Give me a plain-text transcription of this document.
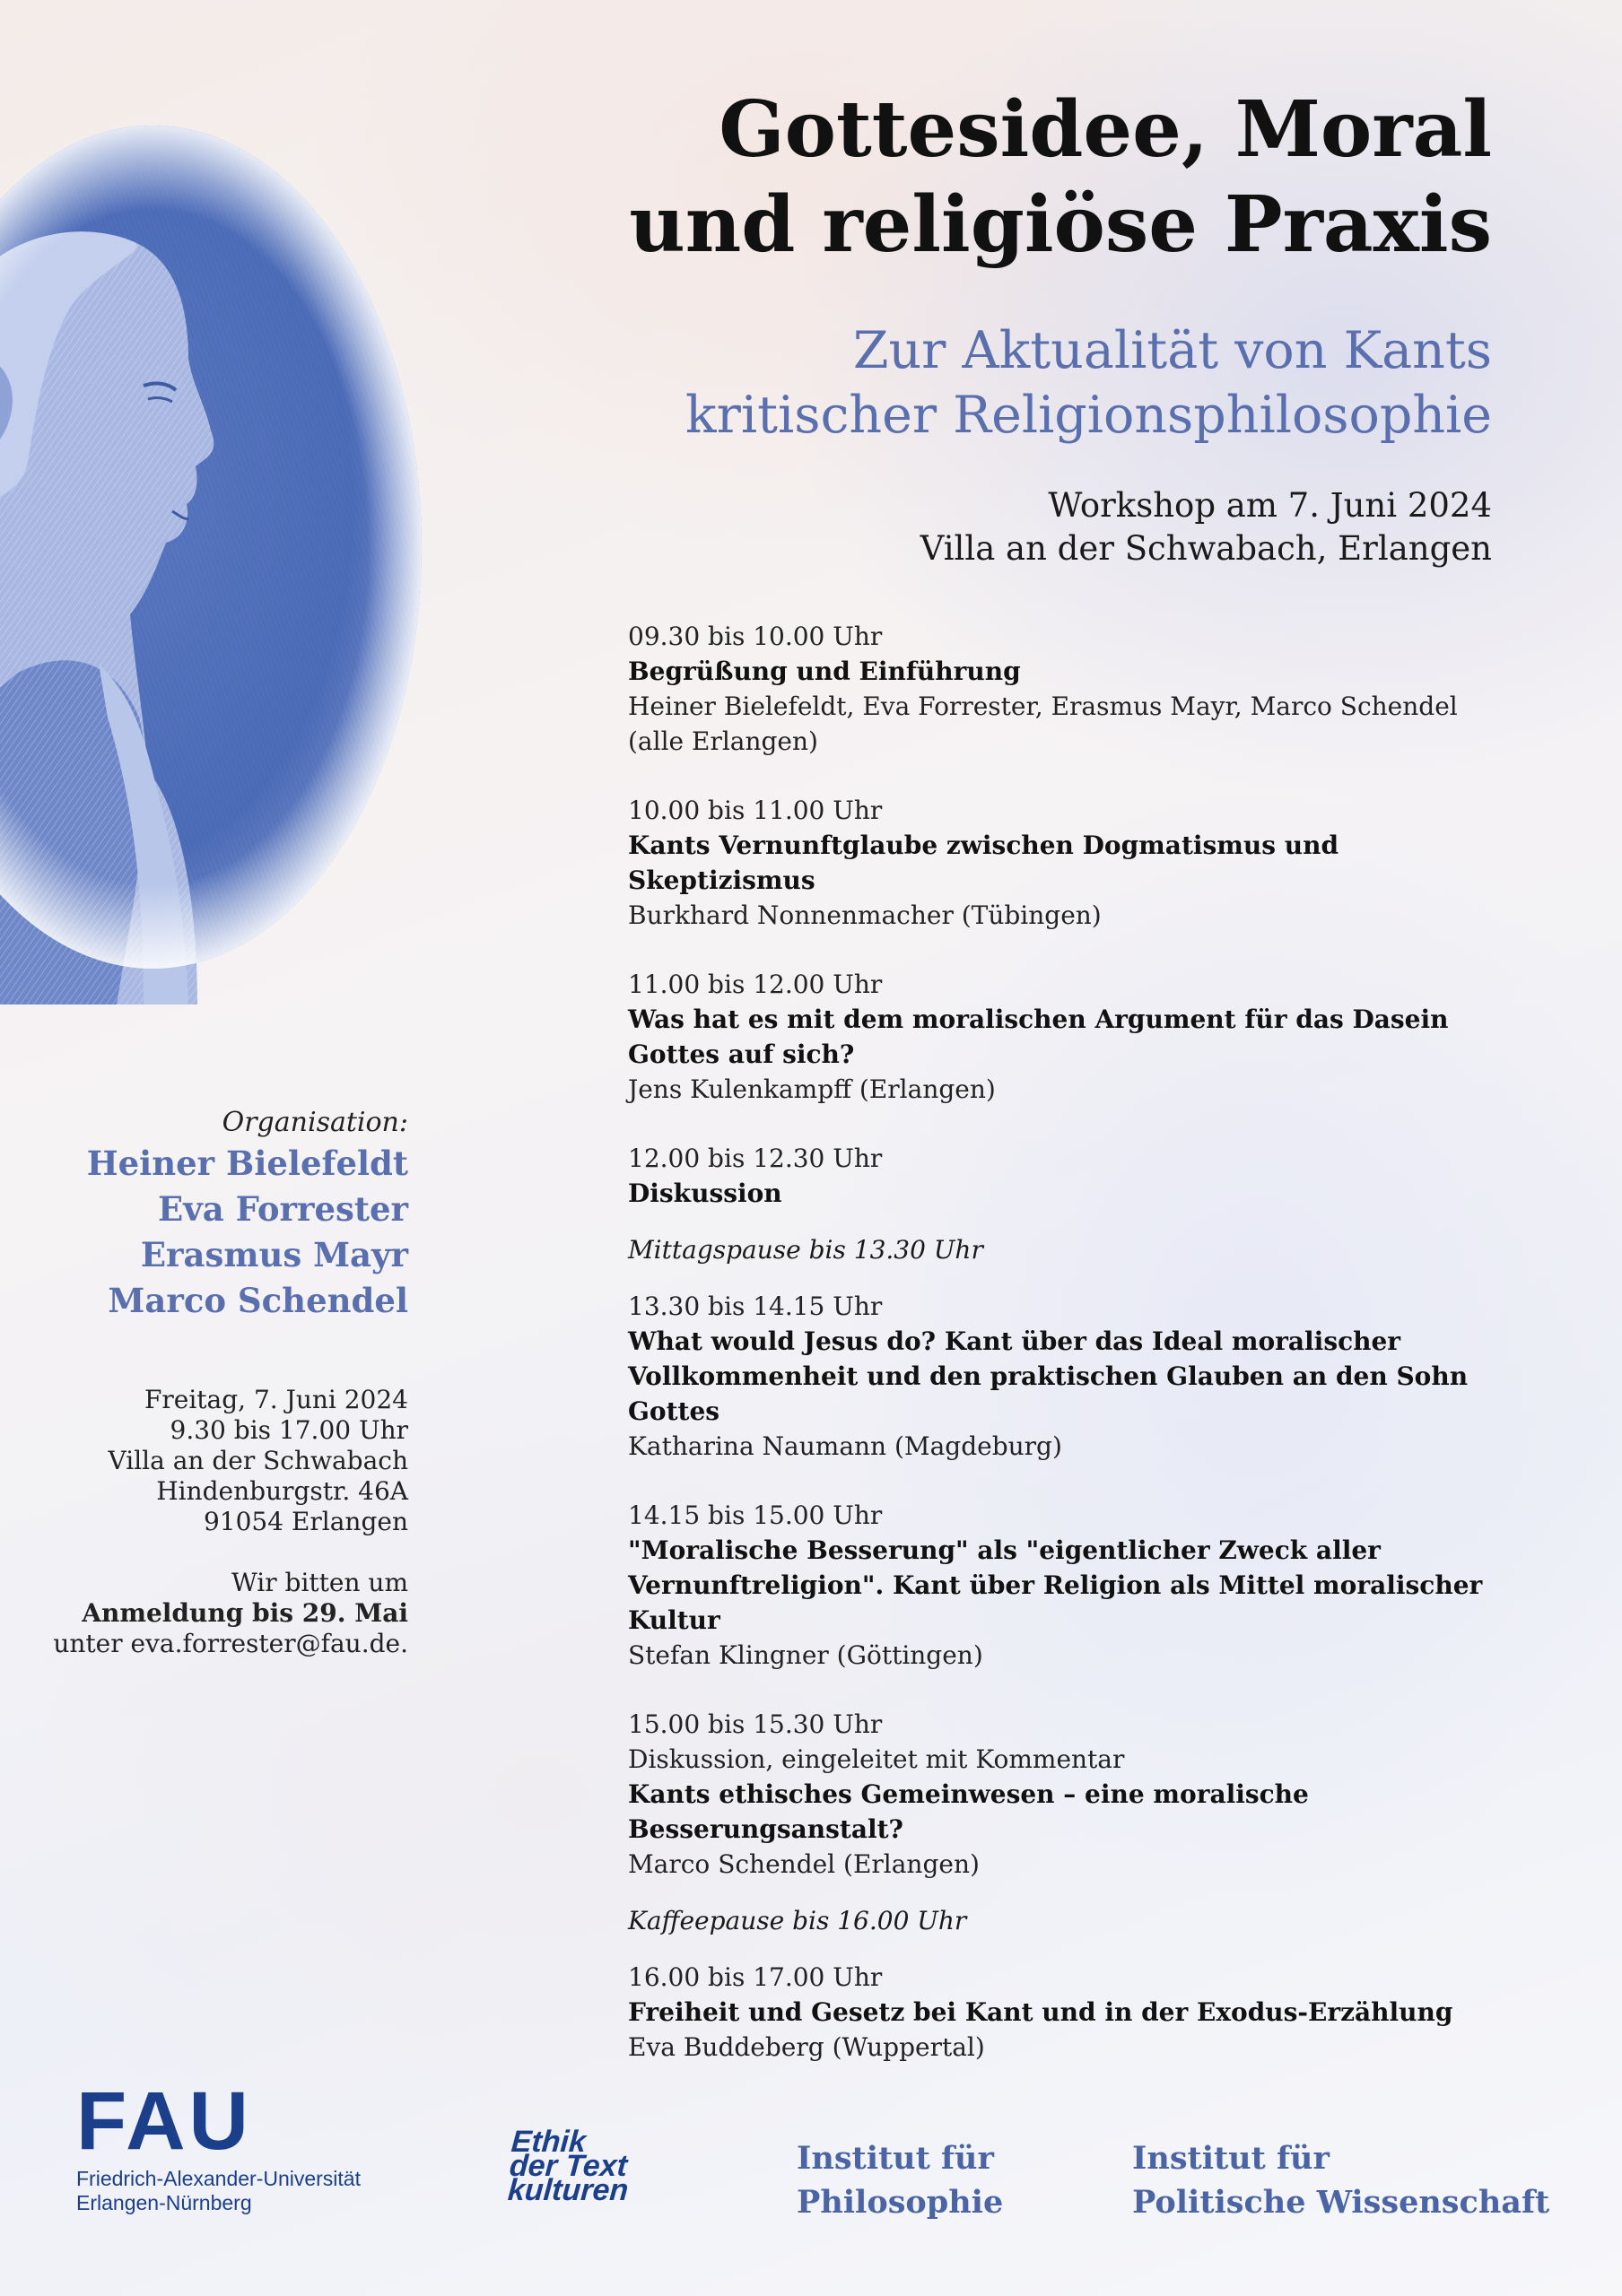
Gottesidee, Moral
und religiöse Praxis
Zur Aktualität von Kants
kritischer Religionsphilosophie
Workshop am 7. Juni 2024
Villa an der Schwabach, Erlangen
09.30 bis 10.00 Uhr
Begrüßung und Einführung
Heiner Bielefeldt, Eva Forrester, Erasmus Mayr, Marco Schendel
(alle Erlangen)
10.00 bis 11.00 Uhr
Kants Vernunftglaube zwischen Dogmatismus und Skeptizismus
Burkhard Nonnenmacher (Tübingen)
11.00 bis 12.00 Uhr
Was hat es mit dem moralischen Argument für das Dasein
Gottes auf sich?
Jens Kulenkampff (Erlangen)
12.00 bis 12.30 Uhr
Diskussion
Mittagspause bis 13.30 Uhr
13.30 bis 14.15 Uhr
What would Jesus do? Kant über das Ideal moralischer
Vollkommenheit und den praktischen Glauben an den Sohn
Gottes
Katharina Naumann (Magdeburg)
14.15 bis 15.00 Uhr
"Moralische Besserung" als "eigentlicher Zweck aller
Vernunftreligion". Kant über Religion als Mittel moralischer
Kultur
Stefan Klingner (Göttingen)
15.00 bis 15.30 Uhr
Diskussion, eingeleitet mit Kommentar
Kants ethisches Gemeinwesen – eine moralische
Besserungsanstalt?
Marco Schendel (Erlangen)
Kaffeepause bis 16.00 Uhr
16.00 bis 17.00 Uhr
Freiheit und Gesetz bei Kant und in der Exodus-Erzählung
Eva Buddeberg (Wuppertal)
Organisation:
Heiner Bielefeldt
Eva Forrester
Erasmus Mayr
Marco Schendel
Freitag, 7. Juni 2024
9.30 bis 17.00 Uhr
Villa an der Schwabach
Hindenburgstr. 46A
91054 Erlangen
Wir bitten um
Anmeldung bis 29. Mai
unter eva.forrester@fau.de.
FAU
Friedrich-Alexander-Universität
Erlangen-Nürnberg
Ethik
der Text
kulturen
Institut für
Philosophie
Institut für
Politische Wissenschaft
